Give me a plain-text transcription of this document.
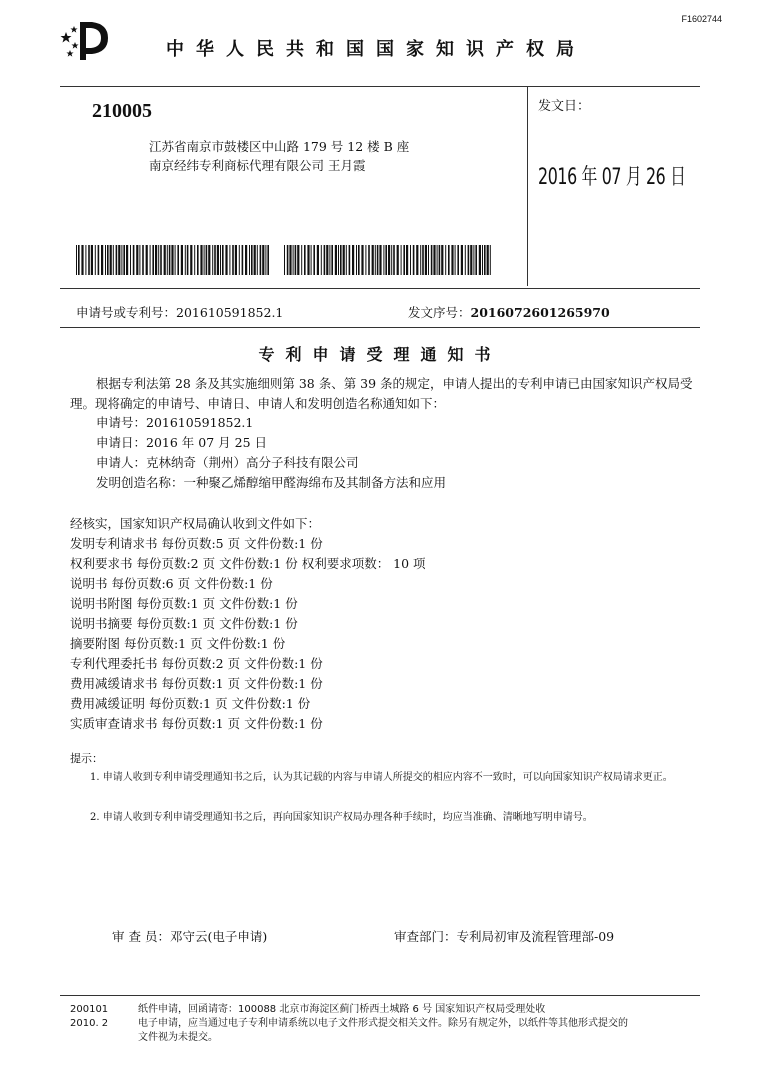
F1602744
中华人民共和国国家知识产权局
210005
江苏省南京市鼓楼区中山路 179 号 12 楼 B 座
南京经纬专利商标代理有限公司 王月霞
发文日：
2016 年 07 月 26 日
申请号或专利号：201610591852.1	发文序号：2016072601265970
专利申请受理通知书
根据专利法第 28 条及其实施细则第 38 条、第 39 条的规定，申请人提出的专利申请已由国家知识产权局受理。现将确定的申请号、申请日、申请人和发明创造名称通知如下：
申请号：201610591852.1
申请日：2016 年 07 月 25 日
申请人：克林纳奇（荆州）高分子科技有限公司
发明创造名称：一种聚乙烯醇缩甲醛海绵布及其制备方法和应用
经核实，国家知识产权局确认收到文件如下：
发明专利请求书 每份页数:5 页 文件份数:1 份
权利要求书 每份页数:2 页 文件份数:1 份 权利要求项数： 10 项
说明书 每份页数:6 页 文件份数:1 份
说明书附图 每份页数:1 页 文件份数:1 份
说明书摘要 每份页数:1 页 文件份数:1 份
摘要附图 每份页数:1 页 文件份数:1 份
专利代理委托书 每份页数:2 页 文件份数:1 份
费用减缓请求书 每份页数:1 页 文件份数:1 份
费用减缓证明 每份页数:1 页 文件份数:1 份
实质审查请求书 每份页数:1 页 文件份数:1 份
提示：
1. 申请人收到专利申请受理通知书之后，认为其记载的内容与申请人所提交的相应内容不一致时，可以向国家知识产权局请求更正。
2. 申请人收到专利申请受理通知书之后，再向国家知识产权局办理各种手续时，均应当准确、清晰地写明申请号。
审 查 员：邓守云(电子申请)	审查部门：专利局初审及流程管理部-09
200101
2010. 2
纸件申请，回函请寄：100088 北京市海淀区蓟门桥西土城路 6 号 国家知识产权局受理处收
电子申请，应当通过电子专利申请系统以电子文件形式提交相关文件。除另有规定外，以纸件等其他形式提交的
文件视为未提交。
